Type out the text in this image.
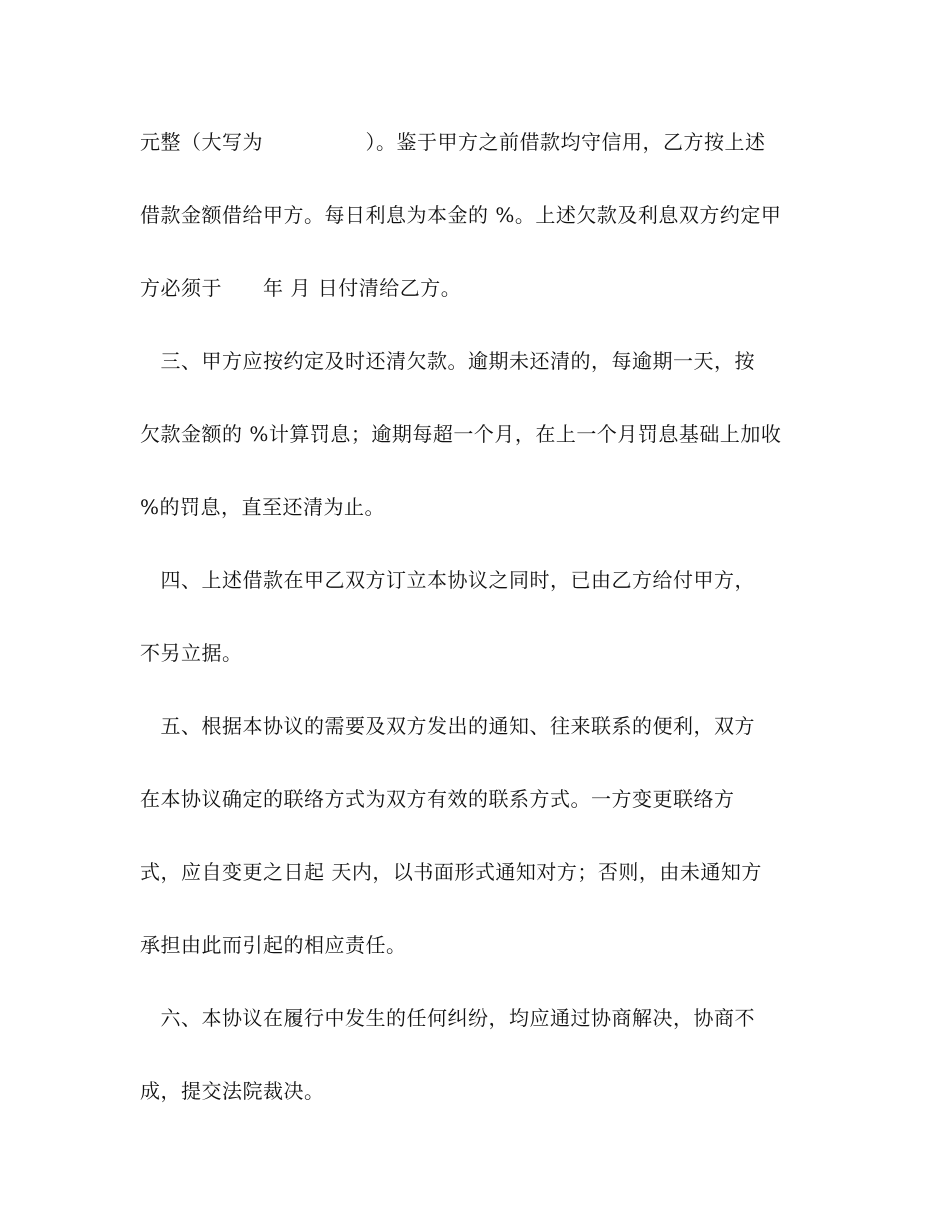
元整（大写为　　　　　）。鉴于甲方之前借款均守信用，乙方按上述
借款金额借给甲方。每日利息为本金的 %。上述欠款及利息双方约定甲
方必须于　　年 月 日付清给乙方。
　三、甲方应按约定及时还清欠款。逾期未还清的，每逾期一天，按
欠款金额的 %计算罚息；逾期每超一个月，在上一个月罚息基础上加收
%的罚息，直至还清为止。
　四、上述借款在甲乙双方订立本协议之同时，已由乙方给付甲方，
不另立据。
　五、根据本协议的需要及双方发出的通知、往来联系的便利，双方
在本协议确定的联络方式为双方有效的联系方式。一方变更联络方
式，应自变更之日起 天内，以书面形式通知对方；否则，由未通知方
承担由此而引起的相应责任。
　六、本协议在履行中发生的任何纠纷，均应通过协商解决，协商不
成，提交法院裁决。
